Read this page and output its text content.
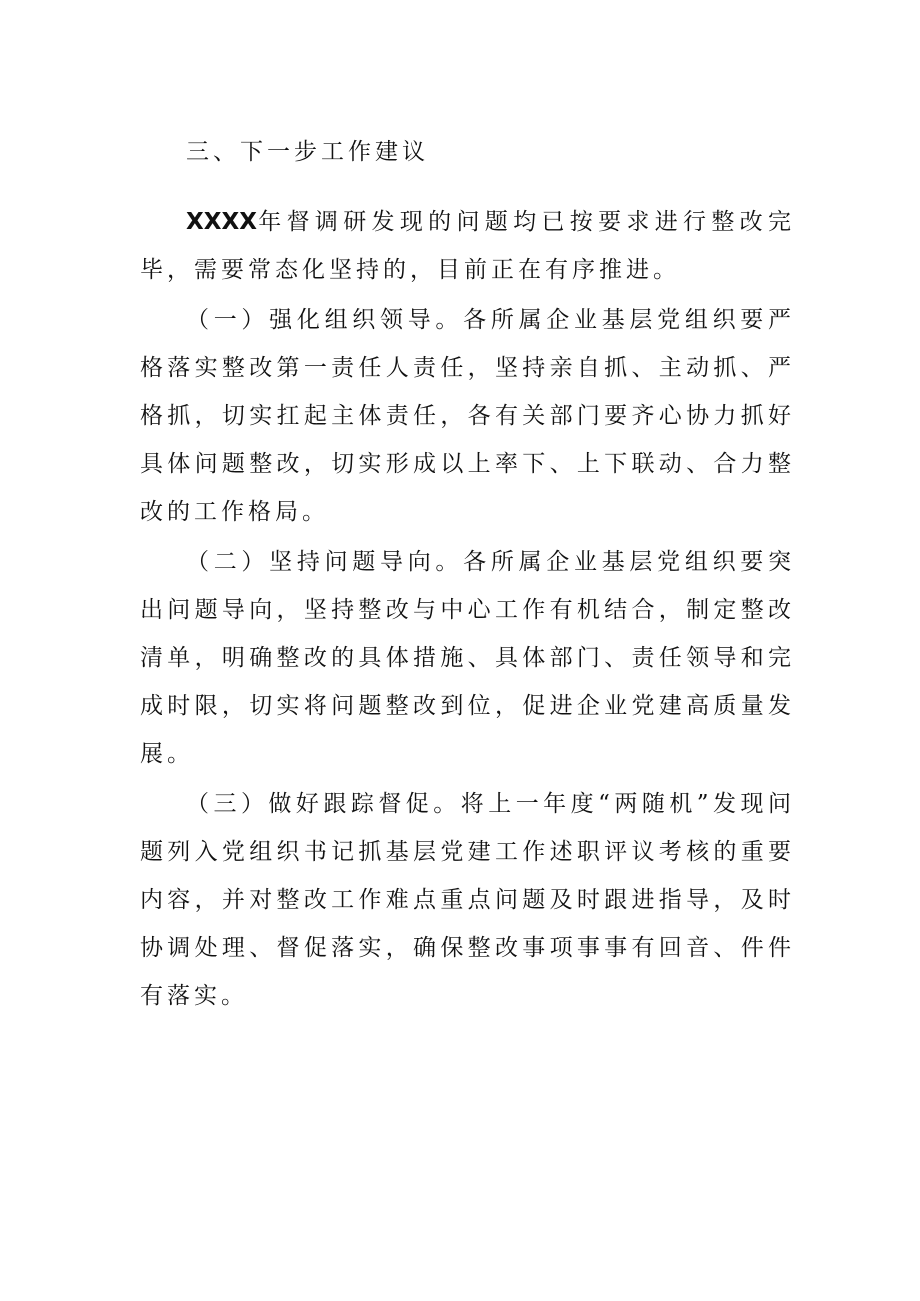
三、下一步工作建议

XXXX年督调研发现的问题均已按要求进行整改完毕，需要常态化坚持的，目前正在有序推进。

（一）强化组织领导。各所属企业基层党组织要严格落实整改第一责任人责任，坚持亲自抓、主动抓、严格抓，切实扛起主体责任，各有关部门要齐心协力抓好具体问题整改，切实形成以上率下、上下联动、合力整改的工作格局。

（二）坚持问题导向。各所属企业基层党组织要突出问题导向，坚持整改与中心工作有机结合，制定整改清单，明确整改的具体措施、具体部门、责任领导和完成时限，切实将问题整改到位，促进企业党建高质量发展。

（三）做好跟踪督促。将上一年度“两随机”发现问题列入党组织书记抓基层党建工作述职评议考核的重要内容，并对整改工作难点重点问题及时跟进指导，及时协调处理、督促落实，确保整改事项事事有回音、件件有落实。
